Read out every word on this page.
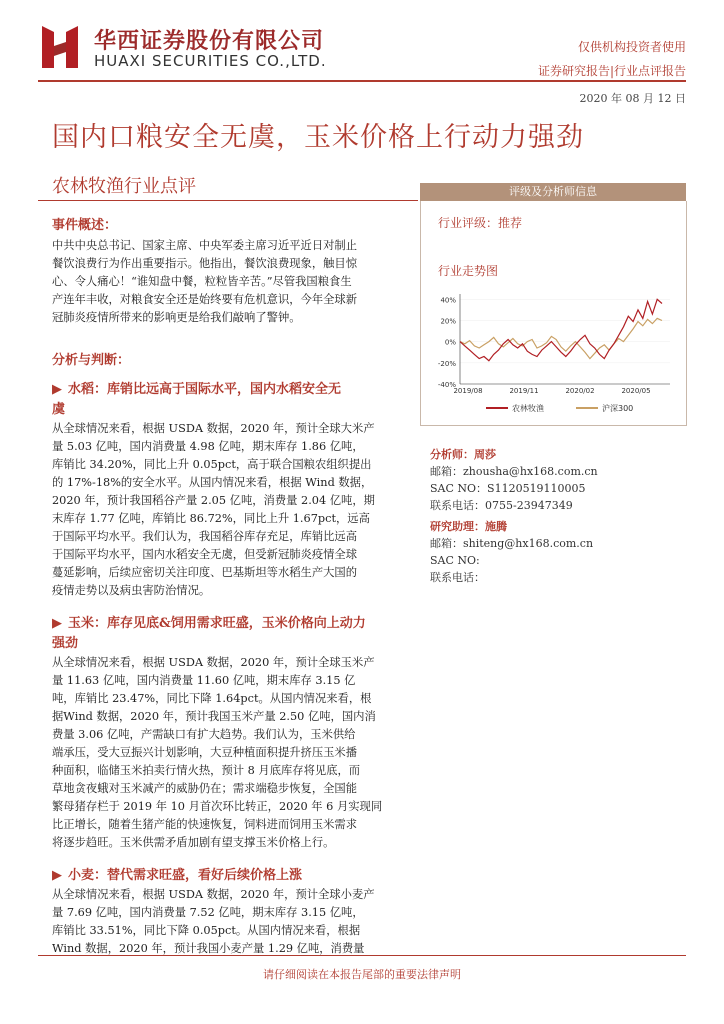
华西证券股份有限公司
HUAXI SECURITIES CO.,LTD.
仅供机构投资者使用
证券研究报告|行业点评报告
2020 年 08 月 12 日
国内口粮安全无虞，玉米价格上行动力强劲
农林牧渔行业点评
事件概述：
中共中央总书记、国家主席、中央军委主席习近平近日对制止
餐饮浪费行为作出重要指示。他指出，餐饮浪费现象，触目惊
心、令人痛心！“谁知盘中餐，粒粒皆辛苦。”尽管我国粮食生
产连年丰收，对粮食安全还是始终要有危机意识，今年全球新
冠肺炎疫情所带来的影响更是给我们敲响了警钟。
分析与判断：
▶ 水稻：库销比远高于国际水平，国内水稻安全无
虞
从全球情况来看，根据 USDA 数据，2020 年，预计全球大米产
量 5.03 亿吨，国内消费量 4.98 亿吨，期末库存 1.86 亿吨，
库销比 34.20%，同比上升 0.05pct，高于联合国粮农组织提出
的 17%-18%的安全水平。从国内情况来看，根据 Wind 数据，
2020 年，预计我国稻谷产量 2.05 亿吨，消费量 2.04 亿吨，期
末库存 1.77 亿吨，库销比 86.72%，同比上升 1.67pct，远高
于国际平均水平。我们认为，我国稻谷库存充足，库销比远高
于国际平均水平，国内水稻安全无虞，但受新冠肺炎疫情全球
蔓延影响，后续应密切关注印度、巴基斯坦等水稻生产大国的
疫情走势以及病虫害防治情况。
▶ 玉米：库存见底&饲用需求旺盛，玉米价格向上动力
强劲
从全球情况来看，根据 USDA 数据，2020 年，预计全球玉米产
量 11.63 亿吨，国内消费量 11.60 亿吨，期末库存 3.15 亿
吨，库销比 23.47%，同比下降 1.64pct。从国内情况来看，根
据Wind 数据，2020 年，预计我国玉米产量 2.50 亿吨，国内消
费量 3.06 亿吨，产需缺口有扩大趋势。我们认为，玉米供给
端承压，受大豆振兴计划影响，大豆种植面积提升挤压玉米播
种面积，临储玉米拍卖行情火热，预计 8 月底库存将见底，而
草地贪夜蛾对玉米减产的威胁仍在；需求端稳步恢复，全国能
繁母猪存栏于 2019 年 10 月首次环比转正，2020 年 6 月实现同
比正增长，随着生猪产能的快速恢复，饲料进而饲用玉米需求
将逐步趋旺。玉米供需矛盾加剧有望支撑玉米价格上行。
▶ 小麦：替代需求旺盛，看好后续价格上涨
从全球情况来看，根据 USDA 数据，2020 年，预计全球小麦产
量 7.69 亿吨，国内消费量 7.52 亿吨，期末库存 3.15 亿吨，
库销比 33.51%，同比下降 0.05pct。从国内情况来看，根据
Wind 数据，2020 年，预计我国小麦产量 1.29 亿吨，消费量
评级及分析师信息
行业评级：推荐
行业走势图
40%
20%
0%
-20%
-40%
2019/08	2019/11	2020/02	2020/05
农林牧渔	沪深300
分析师：周莎
邮箱：zhousha@hx168.com.cn
SAC NO：S1120519110005
联系电话：0755-23947349
研究助理：施腾
邮箱：shiteng@hx168.com.cn
SAC NO:
联系电话：
请仔细阅读在本报告尾部的重要法律声明
